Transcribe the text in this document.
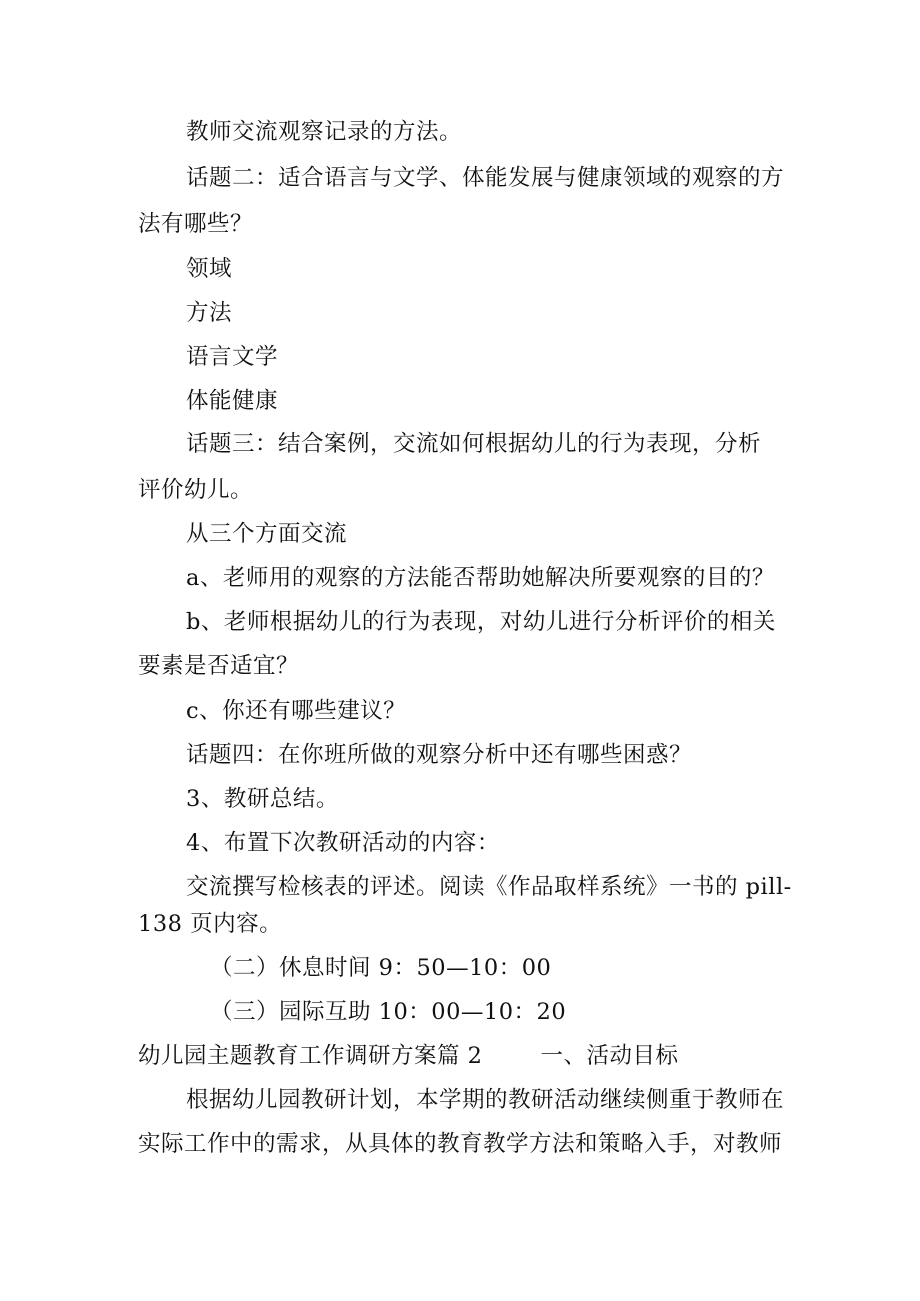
教师交流观察记录的方法。
话题二：适合语言与文学、体能发展与健康领域的观察的方
法有哪些？
领域
方法
语言文学
体能健康
话题三：结合案例，交流如何根据幼儿的行为表现，分析
评价幼儿。
从三个方面交流
a、老师用的观察的方法能否帮助她解决所要观察的目的？
b、老师根据幼儿的行为表现，对幼儿进行分析评价的相关
要素是否适宜？
c、你还有哪些建议？
话题四：在你班所做的观察分析中还有哪些困惑？
3、教研总结。
4、布置下次教研活动的内容：
交流撰写检核表的评述。阅读《作品取样系统》一书的 pill-
138 页内容。
（二）休息时间 9：50—10：00
（三）园际互助 10：00—10：20
幼儿园主题教育工作调研方案篇 2	一、活动目标
根据幼儿园教研计划，本学期的教研活动继续侧重于教师在
实际工作中的需求，从具体的教育教学方法和策略入手，对教师
